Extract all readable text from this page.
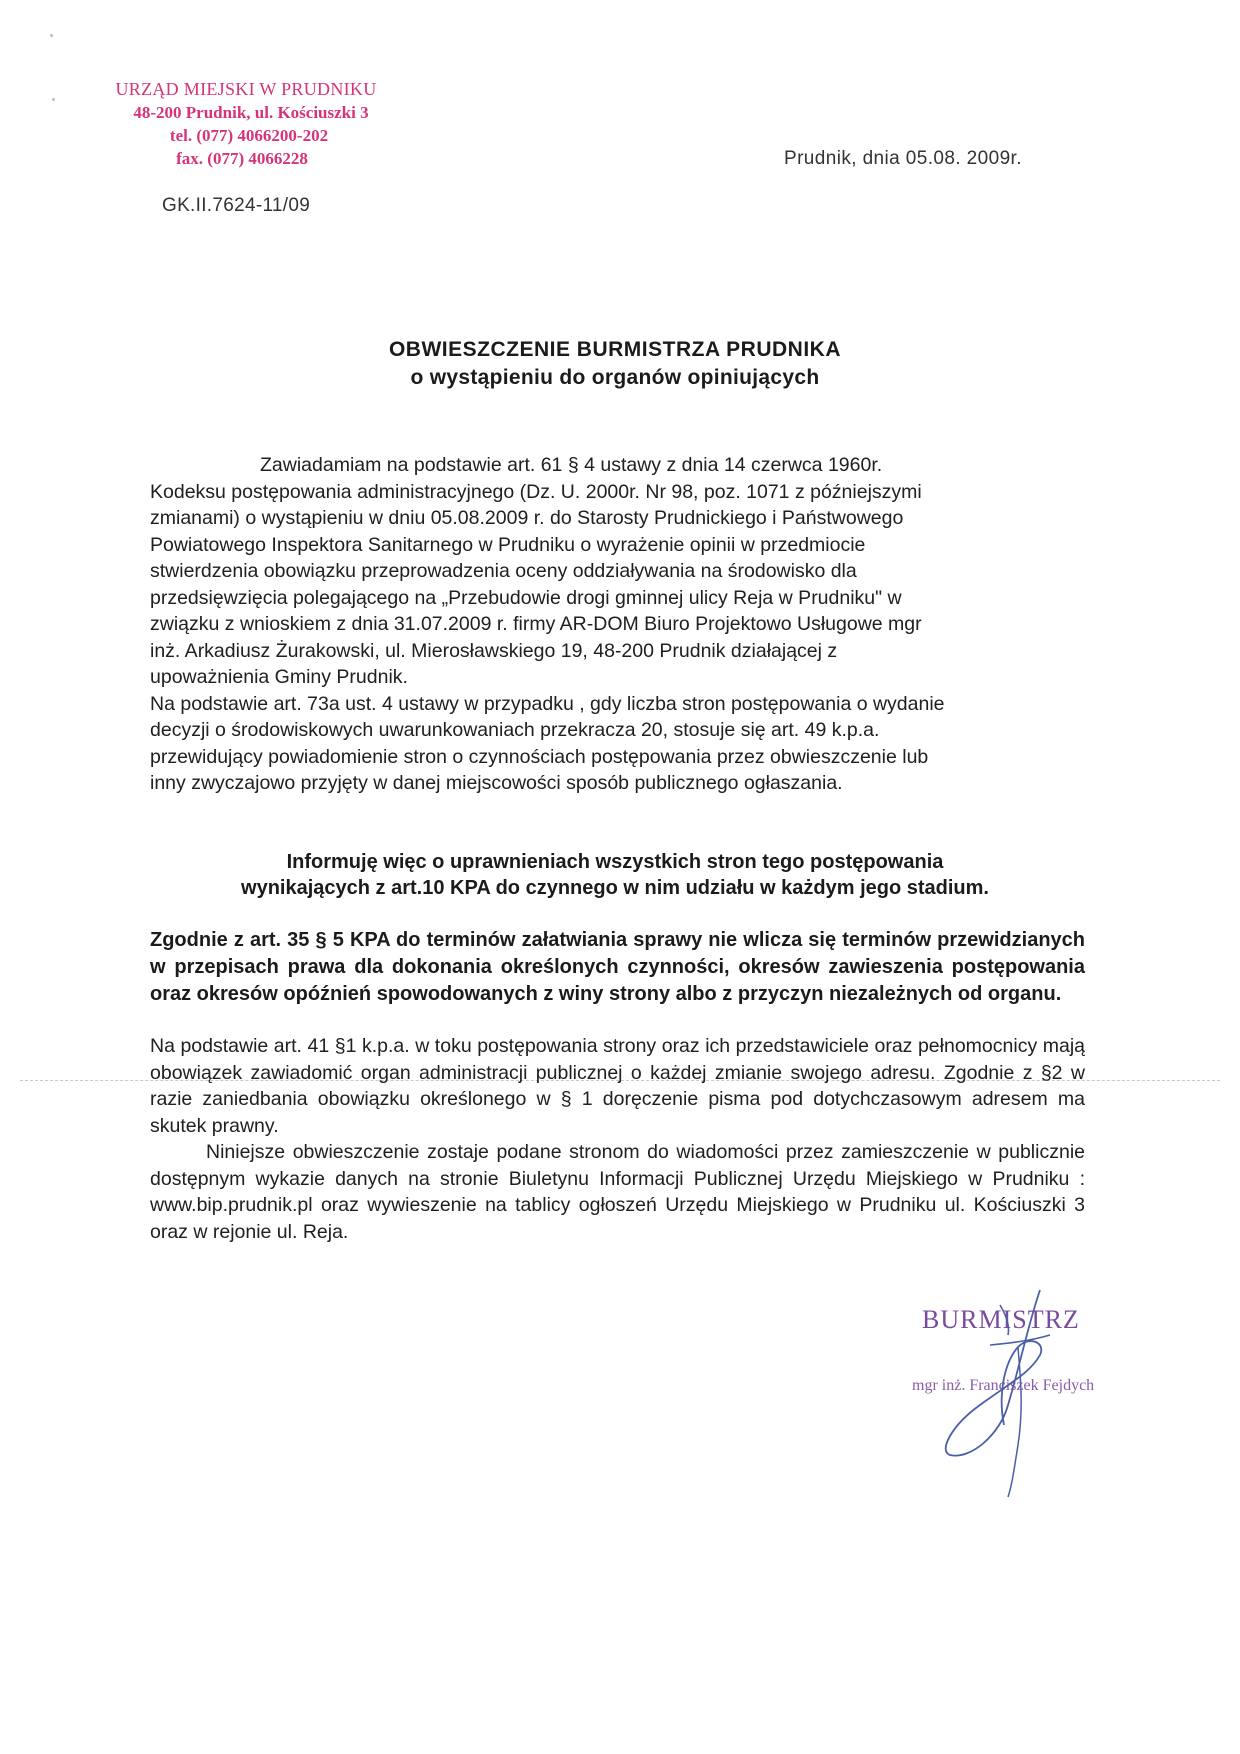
URZĄD MIEJSKI W PRUDNIKU
48-200 Prudnik, ul. Kościuszki 3
tel. (077) 4066200-202
fax. (077) 4066228	Prudnik, dnia 05.08. 2009r.
GK.II.7624-11/09
OBWIESZCZENIE BURMISTRZA PRUDNIKA
o wystąpieniu do organów opiniujących
Zawiadamiam na podstawie art. 61 § 4 ustawy z dnia 14 czerwca 1960r.
Kodeksu postępowania administracyjnego (Dz. U. 2000r. Nr 98, poz. 1071 z późniejszymi
zmianami) o wystąpieniu w dniu 05.08.2009 r. do Starosty Prudnickiego i Państwowego
Powiatowego Inspektora Sanitarnego w Prudniku o wyrażenie opinii w przedmiocie
stwierdzenia obowiązku przeprowadzenia oceny oddziaływania na środowisko dla
przedsięwzięcia polegającego na „Przebudowie drogi gminnej ulicy Reja w Prudniku" w
związku z wnioskiem z dnia 31.07.2009 r. firmy AR-DOM Biuro Projektowo Usługowe mgr
inż. Arkadiusz Żurakowski, ul. Mierosławskiego 19, 48-200 Prudnik działającej z
upoważnienia Gminy Prudnik.
Na podstawie art. 73a ust. 4 ustawy w przypadku , gdy liczba stron postępowania o wydanie
decyzji o środowiskowych uwarunkowaniach przekracza 20, stosuje się art. 49 k.p.a.
przewidujący powiadomienie stron o czynnościach postępowania przez obwieszczenie lub
inny zwyczajowo przyjęty w danej miejscowości sposób publicznego ogłaszania.
Informuję więc o uprawnieniach wszystkich stron tego postępowania
wynikających z art.10 KPA do czynnego w nim udziału w każdym jego stadium.
Zgodnie z art. 35 § 5 KPA do terminów załatwiania sprawy nie wlicza się terminów przewidzianych w przepisach prawa dla dokonania określonych czynności, okresów zawieszenia postępowania oraz okresów opóźnień spowodowanych z winy strony albo z przyczyn niezależnych od organu.
Na podstawie art. 41 §1 k.p.a. w toku postępowania strony oraz ich przedstawiciele oraz pełnomocnicy mają obowiązek zawiadomić organ administracji publicznej o każdej zmianie swojego adresu. Zgodnie z §2 w razie zaniedbania obowiązku określonego w § 1 doręczenie pisma pod dotychczasowym adresem ma skutek prawny.
Niniejsze obwieszczenie zostaje podane stronom do wiadomości przez zamieszczenie w publicznie dostępnym wykazie danych na stronie Biuletynu Informacji Publicznej Urzędu Miejskiego w Prudniku : www.bip.prudnik.pl oraz wywieszenie na tablicy ogłoszeń Urzędu Miejskiego w Prudniku ul. Kościuszki 3 oraz w rejonie ul. Reja.
BURMISTRZ
mgr inż. Franciszek Fejdych
